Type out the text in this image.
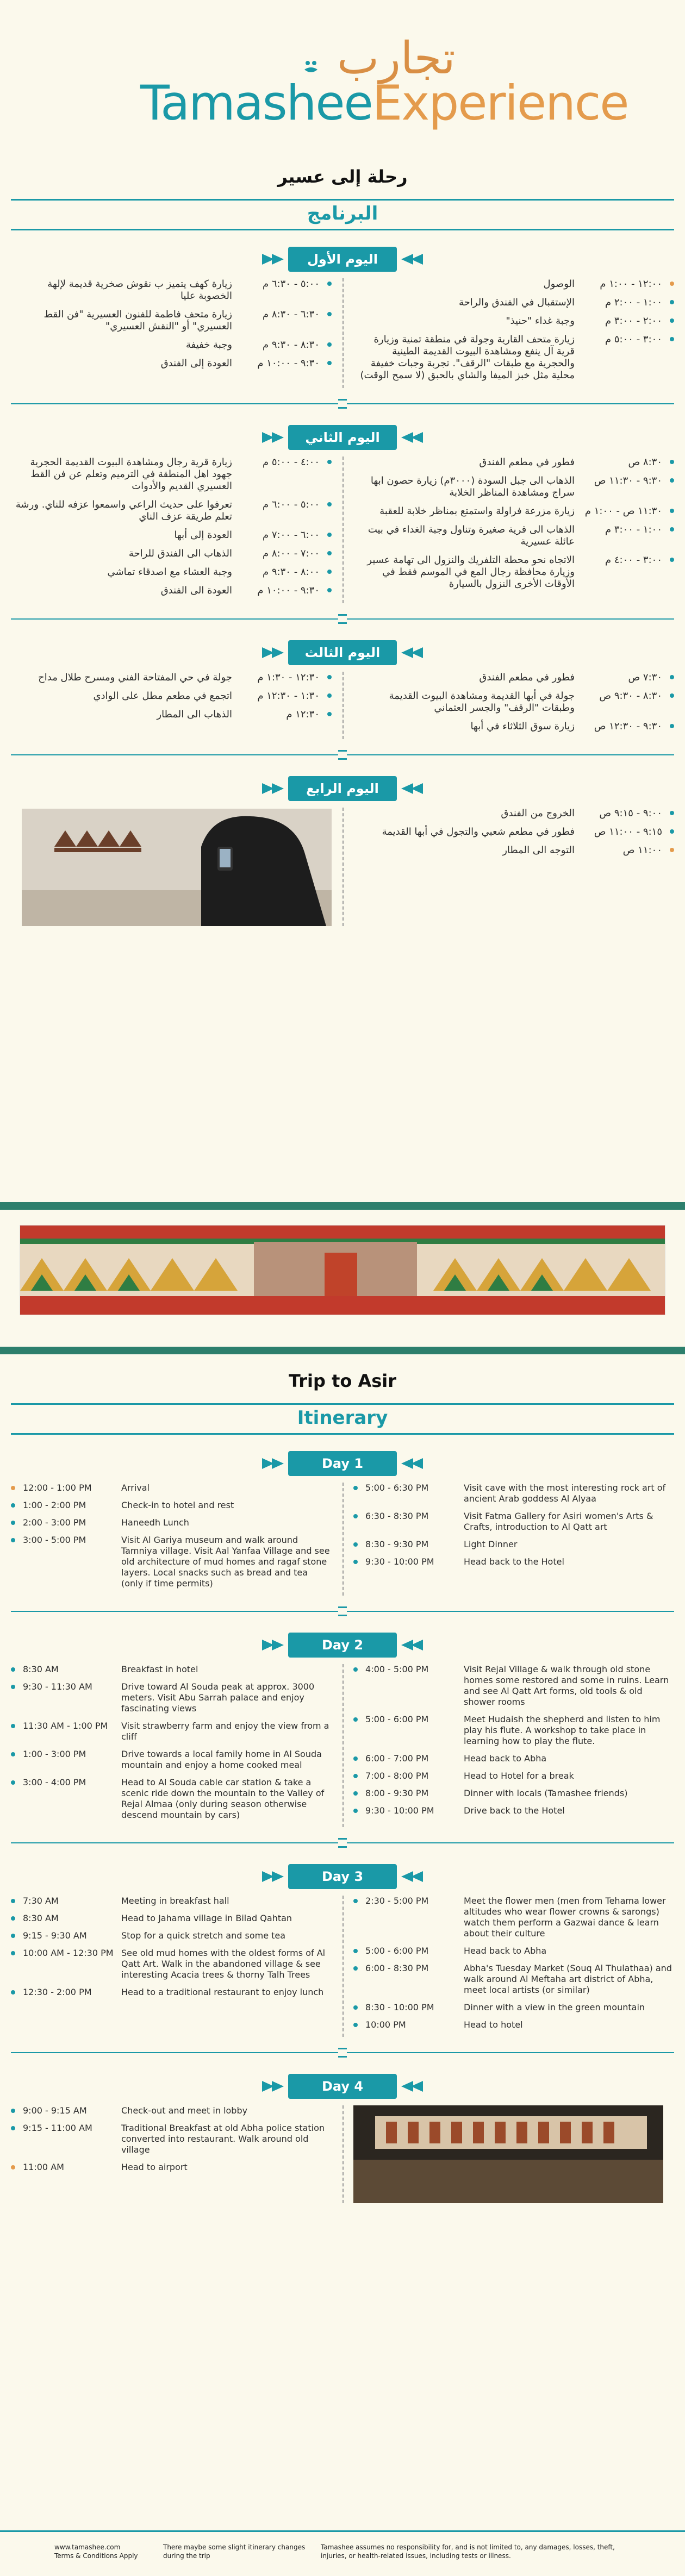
تجارب
TamasheeExperience
رحلة إلى عسير
البرنامج
اليوم الأول
١٢:٠٠ - ١:٠٠ م
الوصول
١:٠٠ - ٢:٠٠ م
الإستقبال في الفندق والراحة
٢:٠٠ - ٣:٠٠ م
وجبة غداء "حنيذ"
٣:٠٠ - ٥:٠٠ م
زيارة متحف القارية وجولة في منطقة تمنية وزيارة قرية آل ينفع ومشاهدة البيوت القديمة الطينية والحجرية مع طبقات "الرقف". تجربة وجبات خفيفة محلية مثل خبز الميفا والشاي بالحبق (لا سمح الوقت)
٥:٠٠ - ٦:٣٠ م
زيارة كهف يتميز ب نقوش صخرية قديمة لإلهة الخصوبة عليا
٦:٣٠ - ٨:٣٠ م
زيارة متحف فاطمة للفنون العسيرية "فن القط العسيري" أو "النقش العسيري"
٨:٣٠ - ٩:٣٠ م
وجبة خفيفة
٩:٣٠ - ١٠:٠٠ م
العودة إلى الفندق
اليوم الثاني
٨:٣٠ ص
فطور في مطعم الفندق
٩:٣٠ - ١١:٣٠ ص
الذهاب الى جبل السودة (٣٠٠٠م) زيارة حصون ابها سراج ومشاهدة المناظر الخلابة
١١:٣٠ ص - ١:٠٠ م
زيارة مزرعة فراولة واستمتع بمناظر خلابة للعقبة
١:٠٠ - ٣:٠٠ م
الذهاب الى قرية صغيرة وتناول وجبة الغداء في بيت عائلة عسيرية
٣:٠٠ - ٤:٠٠ م
الاتجاه نحو محطة التلفريك والنزول الى تهامة عسير وزيارة محافظة رجال المع في الموسم فقط في الأوقات الأخرى النزول بالسيارة
٤:٠٠ - ٥:٠٠ م
زيارة قرية رجال ومشاهدة البيوت القديمة الحجرية جهود اهل المنطقة في الترميم وتعلم عن فن القط العسيري القديم والأدوات
٥:٠٠ - ٦:٠٠ م
تعرفوا على حديث الراعي واسمعوا عزفه للناي. ورشة تعلم طريقة عزف الناي
٦:٠٠ - ٧:٠٠ م
العودة إلى أبها
٧:٠٠ - ٨:٠٠ م
الذهاب الى الفندق للراحة
٨:٠٠ - ٩:٣٠ م
وجبة العشاء مع اصدقاء تماشي
٩:٣٠ - ١٠:٠٠ م
العودة الى الفندق
اليوم الثالث
٧:٣٠ ص
فطور في مطعم الفندق
٨:٣٠ - ٩:٣٠ ص
جولة في أبها القديمة ومشاهدة البيوت القديمة وطبقات "الرقف" والجسر العثماني
٩:٣٠ - ١٢:٣٠ ص
زيارة سوق الثلاثاء في أبها
١٢:٣٠ - ١:٣٠ م
جولة في حي المفتاحة الفني ومسرح طلال مداح
١:٣٠ - ١٢:٣٠ م
اتجمع في مطعم مطل على الوادي
١٢:٣٠ م
الذهاب الى المطار
اليوم الرابع
٩:٠٠ - ٩:١٥ ص
الخروج من الفندق
٩:١٥ - ١١:٠٠ ص
فطور في مطعم شعبي والتجول في أبها القديمة
١١:٠٠ ص
التوجه الى المطار
Trip to Asir
Itinerary
Day 1
12:00 - 1:00 PM	Arrival
1:00 - 2:00 PM	Check-in to hotel and rest
2:00 - 3:00 PM	Haneedh Lunch
3:00 - 5:00 PM	Visit Al Gariya museum and walk around Tamniya village. Visit Aal Yanfaa Village and see old architecture of mud homes and ragaf stone layers. Local snacks such as bread and tea (only if time permits)
5:00 - 6:30 PM	Visit cave with the most interesting rock art of ancient Arab goddess Al Alyaa
6:30 - 8:30 PM	Visit Fatma Gallery for Asiri women's Arts & Crafts, introduction to Al Qatt art
8:30 - 9:30 PM	Light Dinner
9:30 - 10:00 PM	Head back to the Hotel
Day 2
8:30 AM	Breakfast in hotel
9:30 - 11:30 AM	Drive toward Al Souda peak at approx. 3000 meters. Visit Abu Sarrah palace and enjoy fascinating views
11:30 AM - 1:00 PM	Visit strawberry farm and enjoy the view from a cliff
1:00 - 3:00 PM	Drive towards a local family home in Al Souda mountain and enjoy a home cooked meal
3:00 - 4:00 PM	Head to Al Souda cable car station & take a scenic ride down the mountain to the Valley of Rejal Almaa (only during season otherwise descend mountain by cars)
4:00 - 5:00 PM	Visit Rejal Village & walk through old stone homes some restored and some in ruins. Learn and see Al Qatt Art forms, old tools & old shower rooms
5:00 - 6:00 PM	Meet Hudaish the shepherd and listen to him play his flute. A workshop to take place in learning how to play the flute.
6:00 - 7:00 PM	Head back to Abha
7:00 - 8:00 PM	Head to Hotel for a break
8:00 - 9:30 PM	Dinner with locals (Tamashee friends)
9:30 - 10:00 PM	Drive back to the Hotel
Day 3
7:30 AM	Meeting in breakfast hall
8:30 AM	Head to Jahama village in Bilad Qahtan
9:15 - 9:30 AM	Stop for a quick stretch and some tea
10:00 AM - 12:30 PM See old mud homes with the oldest forms of Al Qatt Art. Walk in the abandoned village & see interesting Acacia trees & thorny Talh Trees
12:30 - 2:00 PM	Head to a traditional restaurant to enjoy lunch
2:30 - 5:00 PM	Meet the flower men (men from Tehama lower altitudes who wear flower crowns & sarongs) watch them perform a Gazwai dance & learn about their culture
5:00 - 6:00 PM	Head back to Abha
6:00 - 8:30 PM	Abha's Tuesday Market (Souq Al Thulathaa) and walk around Al Meftaha art district of Abha, meet local artists (or similar)
8:30 - 10:00 PM	Dinner with a view in the green mountain
10:00 PM	Head to hotel
Day 4
9:00 - 9:15 AM	Check-out and meet in lobby
9:15 - 11:00 AM	Traditional Breakfast at old Abha police station converted into restaurant. Walk around old village
11:00 AM	Head to airport
www.tamashee.com
Terms & Conditions Apply
There maybe some slight itinerary changes during the trip
Tamashee assumes no responsibility for, and is not limited to, any damages, losses, theft, injuries, or health-related issues, including tests or illness.
